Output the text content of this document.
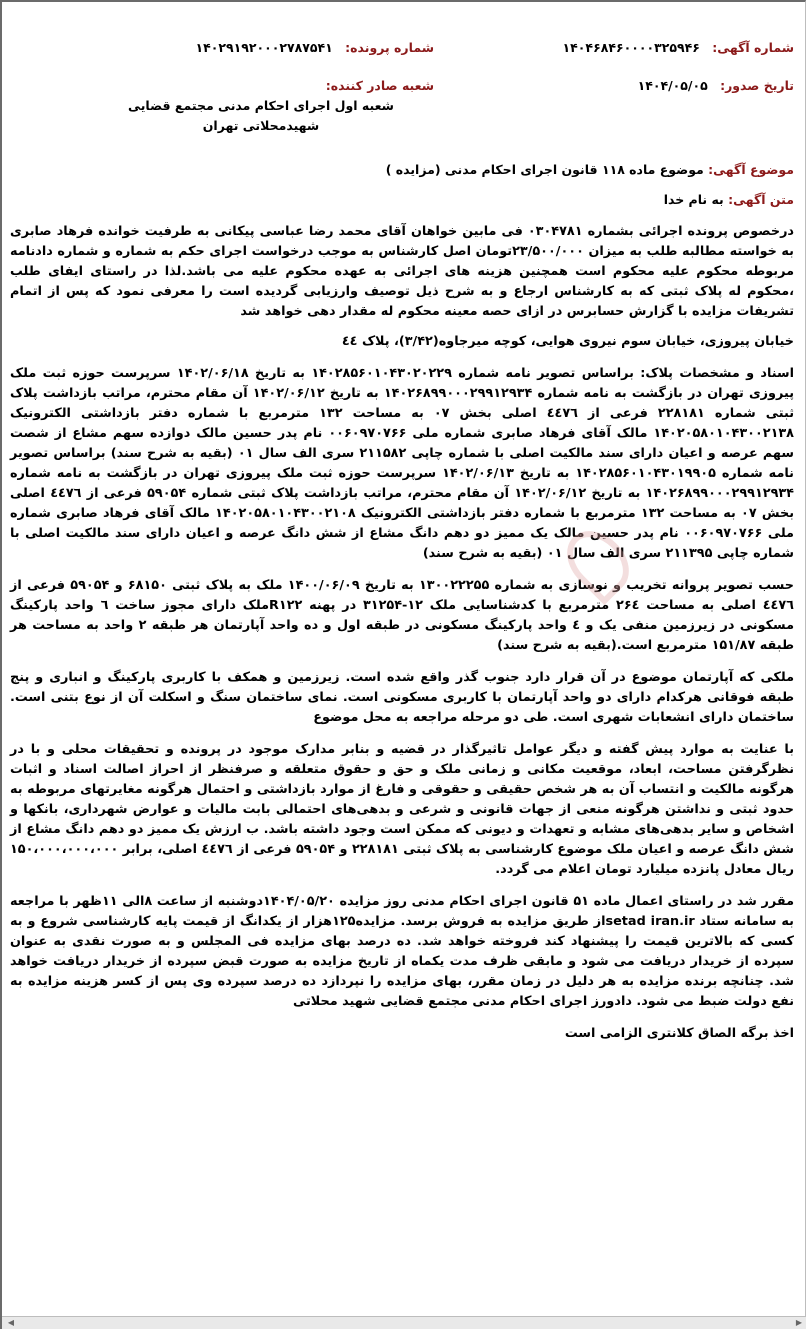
شماره آگهی: ۱۴۰۴۶۸۴۶۰۰۰۰۳۲۵۹۴۶
شماره پرونده: ۱۴۰۲۹۱۹۲۰۰۰۲۷۸۷۵۴۱
تاریخ صدور: ۱۴۰۴/۰۵/۰۵
شعبه صادر کننده: شعبه اول اجرای احکام مدنی مجتمع قضایی شهیدمحلاتی تهران
موضوع آگهی: موضوع ماده ۱۱۸ قانون اجرای احکام مدنی (مزایده )
متن آگهی: به نام خدا

درخصوص پرونده اجرائی بشماره ۰۳۰۴۷۸۱ فی مابین خواهان آقای محمد رضا عباسی پیکانی به طرفیت خوانده فرهاد صابری به خواسته مطالبه طلب به میزان ۲۳/۵۰۰/۰۰۰تومان اصل کارشناس به موجب درخواست اجرای حکم به شماره و شماره دادنامه مربوطه محکوم علیه محکوم است همچنین هزینه های اجرائی به عهده محکوم علیه می باشد.لذا در راستای ایفای طلب ،محکوم له پلاک ثبتی که به کارشناس ارجاع و به شرح ذیل توصیف وارزیابی گردیده است را معرفی نمود که پس از اتمام تشریفات مزایده با گزارش حسابرس در ازای حصه معینه محکوم له مقدار دهی خواهد شد

خیابان پیروزی، خیابان سوم نیروی هوایی، کوچه میرجاوه(۳/۴۲)، پلاک ٤٤

اسناد و مشخصات پلاک: براساس تصویر نامه شماره ۱۴۰۲۸۵۶۰۱۰۴۳۰۲۰۲۲۹ به تاریخ ۱۴۰۲/۰۶/۱۸ سرپرست حوزه ثبت ملک پیروزی تهران در بازگشت به نامه شماره ۱۴۰۲۶۸۹۹۰۰۰۲۹۹۱۲۹۳۴ به تاریخ ۱۴۰۲/۰۶/۱۲ آن مقام محترم، مراتب بازداشت پلاک ثبتی شماره ۲۲۸۱۸۱ فرعی از ٤٤٧٦ اصلی بخش ۰۷ به مساحت ۱۳۲ مترمربع با شماره دفتر بازداشتی الکترونیک ۱۴۰۲۰۵۸۰۱۰۴۳۰۰۲۱۳۸ مالک آقای فرهاد صابری شماره ملی ۰۰۶۰۹۷۰۷۶۶ نام پدر حسین مالک دوازده سهم مشاع از شصت سهم عرصه و اعیان دارای سند مالکیت اصلی با شماره چاپی ۲۱۱۵۸۲ سری الف سال ۰۱ (بقیه به شرح سند) براساس تصویر نامه شماره ۱۴۰۲۸۵۶۰۱۰۴۳۰۱۹۹۰۵ به تاریخ ۱۴۰۲/۰۶/۱۳ سرپرست حوزه ثبت ملک پیروزی تهران در بازگشت به نامه شماره ۱۴۰۲۶۸۹۹۰۰۰۲۹۹۱۲۹۳۴ به تاریخ ۱۴۰۲/۰۶/۱۲ آن مقام محترم، مراتب بازداشت پلاک ثبتی شماره ۵۹۰۵۴ فرعی از ٤٤٧٦ اصلی بخش ۰۷ به مساحت ۱۳۲ مترمربع با شماره دفتر بازداشتی الکترونیک ۱۴۰۲۰۵۸۰۱۰۴۳۰۰۲۱۰۸ مالک آقای فرهاد صابری شماره ملی ۰۰۶۰۹۷۰۷۶۶ نام پدر حسین مالک یک ممیز دو دهم دانگ مشاع از شش دانگ عرصه و اعیان دارای سند مالکیت اصلی با شماره چاپی ۲۱۱۳۹۵ سری الف سال ۰۱ (بقیه به شرح سند)

حسب تصویر پروانه تخریب و نوسازی به شماره ۱۳۰۰۲۲۲۵۵ به تاریخ ۱۴۰۰/۰۶/۰۹ ملک به پلاک ثبتی ۶۸۱۵۰ و ۵۹۰۵۴ فرعی از ٤٤٧٦ اصلی به مساحت ۲۶٤ مترمربع با کدشناسایی ملک ۱۲-۳۱۲۵۴ در پهنه R۱۲۲ملک دارای مجوز ساخت ٦ واحد پارکینگ مسکونی در زیرزمین منفی یک و ٤ واحد پارکینگ مسکونی در طبقه اول و ده واحد آپارتمان هر طبقه ۲ واحد به مساحت هر طبقه ۱۵۱/۸۷ مترمربع است.(بقیه به شرح سند)

ملکی که آپارتمان موضوع در آن قرار دارد جنوب گذر واقع شده است. زیرزمین و همکف با کاربری پارکینگ و انباری و پنج طبقه فوقانی هرکدام دارای دو واحد آپارتمان با کاربری مسکونی است. نمای ساختمان سنگ و اسکلت آن از نوع بتنی است. ساختمان دارای انشعابات شهری است. طی دو مرحله مراجعه به محل موضوع

با عنایت به موارد پیش گفته و دیگر عوامل تاثیرگذار در قضیه و بنابر مدارک موجود در پرونده و تحقیقات محلی و با در نظرگرفتن مساحت، ابعاد، موقعیت مکانی و زمانی ملک و حق و حقوق متعلقه و صرفنظر از احراز اصالت اسناد و اثبات هرگونه مالکیت و انتساب آن به هر شخص حقیقی و حقوقی و فارغ از موارد بازداشتی و احتمال هرگونه مغایرتهای مربوطه به حدود ثبتی و نداشتن هرگونه منعی از جهات قانونی و شرعی و بدهی‌های احتمالی بابت مالیات و عوارض شهرداری، بانکها و اشخاص و سایر بدهی‌های مشابه و تعهدات و دیونی که ممکن است وجود داشته باشد. ب ارزش یک ممیز دو دهم دانگ مشاع از شش دانگ عرصه و اعیان ملک موضوع کارشناسی به پلاک ثبتی ۲۲۸۱۸۱ و ۵۹۰۵۴ فرعی از ٤٤٧٦ اصلی، برابر ۱۵۰،۰۰۰،۰۰۰،۰۰۰ ریال معادل پانزده میلیارد تومان اعلام می گردد.

مقرر شد در راستای اعمال ماده ۵۱ قانون اجرای احکام مدنی روز مزایده ۱۴۰۴/۰۵/۲۰دوشنبه از ساعت ۸الی ۱۱ظهر با مراجعه به سامانه ستاد setad iran.irاز طریق مزایده به فروش برسد. مزایده۱۲۵هزار از یکدانگ از قیمت پایه کارشناسی شروع و به کسی که بالاترین قیمت را پیشنهاد کند فروخته خواهد شد. ده درصد بهای مزایده فی المجلس و به صورت نقدی به عنوان سپرده از خریدار دریافت می شود و مابقی ظرف مدت یکماه از تاریخ مزایده به صورت قبض سپرده از خریدار دریافت خواهد شد. چنانچه برنده مزایده به هر دلیل در زمان مقرر، بهای مزایده را نپردازد ده درصد سپرده وی پس از کسر هزینه مزایده به نفع دولت ضبط می شود. دادورز اجرای احکام مدنی مجتمع قضایی شهید محلاتی

اخذ برگه الصاق کلانتری الزامی است

◀	▶
